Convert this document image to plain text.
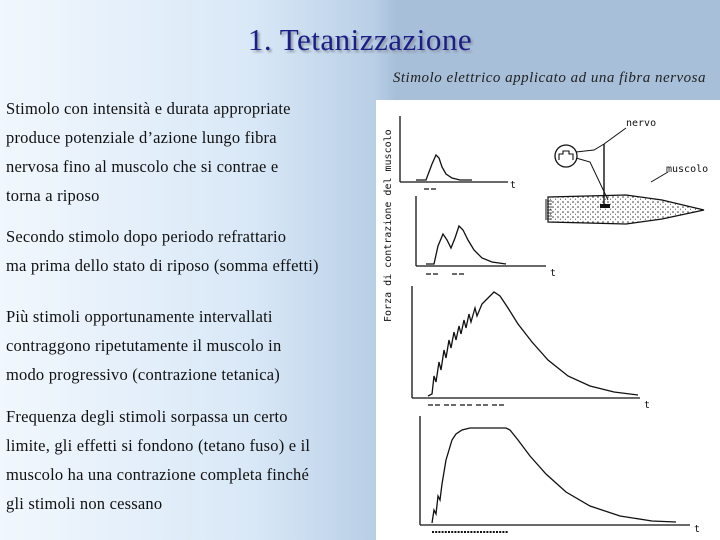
1. Tetanizzazione
Stimolo elettrico applicato ad una fibra nervosa
Stimolo con intensità e durata appropriate
produce potenziale d’azione lungo fibra
nervosa fino al muscolo che si contrae e
torna a riposo
Secondo stimolo dopo periodo refrattario
ma prima dello stato di riposo (somma effetti)
Più stimoli opportunamente intervallati
contraggono ripetutamente il muscolo in
modo progressivo (contrazione tetanica)
Frequenza degli stimoli sorpassa un certo
limite, gli effetti si fondono (tetano fuso) e il
muscolo ha una contrazione completa finché
gli stimoli non cessano
Forza di contrazione del muscolo	t
nervo
muscolo
t
t
t
